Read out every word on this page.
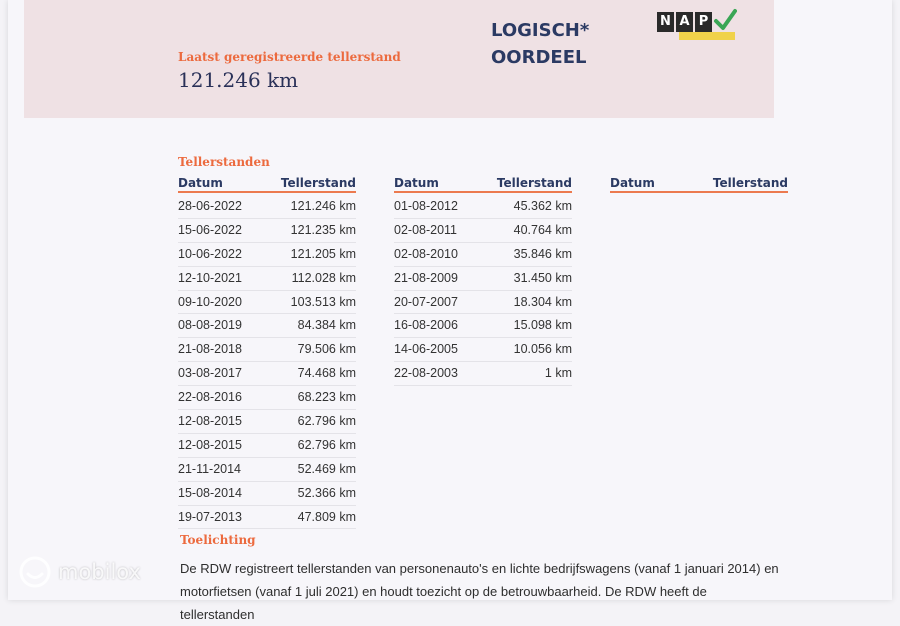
Laatst geregistreerde tellerstand
121.246 km
LOGISCH*
OORDEEL
N A P
Tellerstanden
Datum	Tellerstand
28-06-2022	121.246 km
15-06-2022	121.235 km
10-06-2022	121.205 km
12-10-2021	112.028 km
09-10-2020	103.513 km
08-08-2019	84.384 km
21-08-2018	79.506 km
03-08-2017	74.468 km
22-08-2016	68.223 km
12-08-2015	62.796 km
12-08-2015	62.796 km
21-11-2014	52.469 km
15-08-2014	52.366 km
19-07-2013	47.809 km
Datum	Tellerstand
01-08-2012	45.362 km
02-08-2011	40.764 km
02-08-2010	35.846 km
21-08-2009	31.450 km
20-07-2007	18.304 km
16-08-2006	15.098 km
14-06-2005	10.056 km
22-08-2003	1 km
Datum	Tellerstand
Toelichting
De RDW registreert tellerstanden van personenauto's en lichte bedrijfswagens (vanaf 1 januari 2014) en motorfietsen (vanaf 1 juli 2021) en houdt toezicht op de betrouwbaarheid. De RDW heeft de tellerstanden
mobilox
